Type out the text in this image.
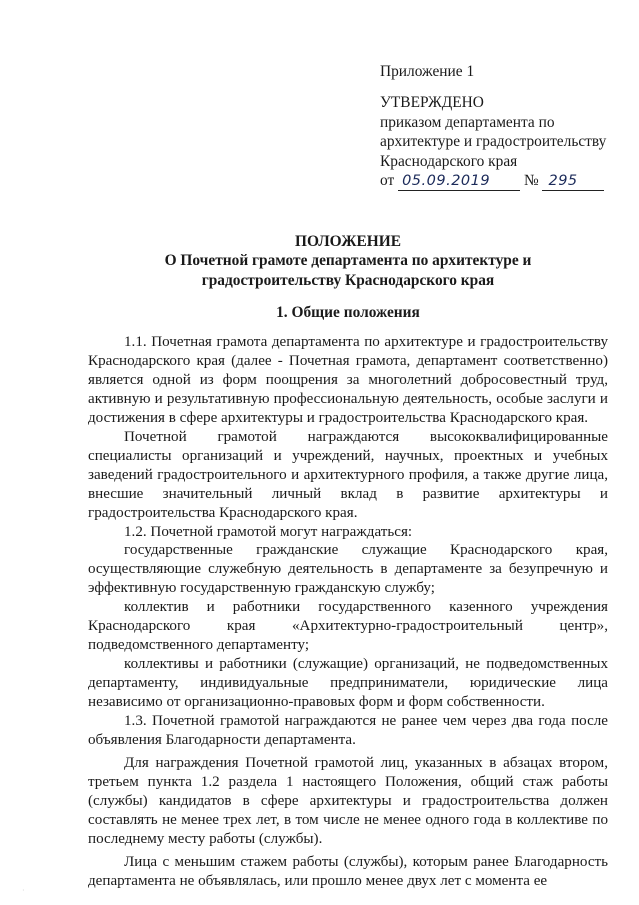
Приложение 1
УТВЕРЖДЕНО
приказом департамента по
архитектуре и градостроительству
Краснодарского края
от 05.09.2019 № 295
ПОЛОЖЕНИЕ
О Почетной грамоте департамента по архитектуре и
градостроительству Краснодарского края
1. Общие положения

1.1. Почетная грамота департамента по архитектуре и градостроительству Краснодарского края (далее - Почетная грамота, департамент соответственно) является одной из форм поощрения за многолетний добросовестный труд, активную и результативную профессиональную деятельность, особые заслуги и достижения в сфере архитектуры и градостроительства Краснодарского края.

Почетной грамотой награждаются высококвалифицированные специалисты организаций и учреждений, научных, проектных и учебных заведений градостроительного и архитектурного профиля, а также другие лица, внесшие значительный личный вклад в развитие архитектуры и градостроительства Краснодарского края.

1.2. Почетной грамотой могут награждаться:

государственные гражданские служащие Краснодарского края, осуществляющие служебную деятельность в департаменте за безупречную и эффективную государственную гражданскую службу;

коллектив и работники государственного казенного учреждения Краснодарского края «Архитектурно-градостроительный центр», подведомственного департаменту;

коллективы и работники (служащие) организаций, не подведомственных департаменту, индивидуальные предприниматели, юридические лица независимо от организационно-правовых форм и форм собственности.

1.3. Почетной грамотой награждаются не ранее чем через два года после объявления Благодарности департамента.

Для награждения Почетной грамотой лиц, указанных в абзацах втором, третьем пункта 1.2 раздела 1 настоящего Положения, общий стаж работы (службы) кандидатов в сфере архитектуры и градостроительства должен составлять не менее трех лет, в том числе не менее одного года в коллективе по последнему месту работы (службы).

Лица с меньшим стажем работы (службы), которым ранее Благодарность департамента не объявлялась, или прошло менее двух лет с момента ее

·
